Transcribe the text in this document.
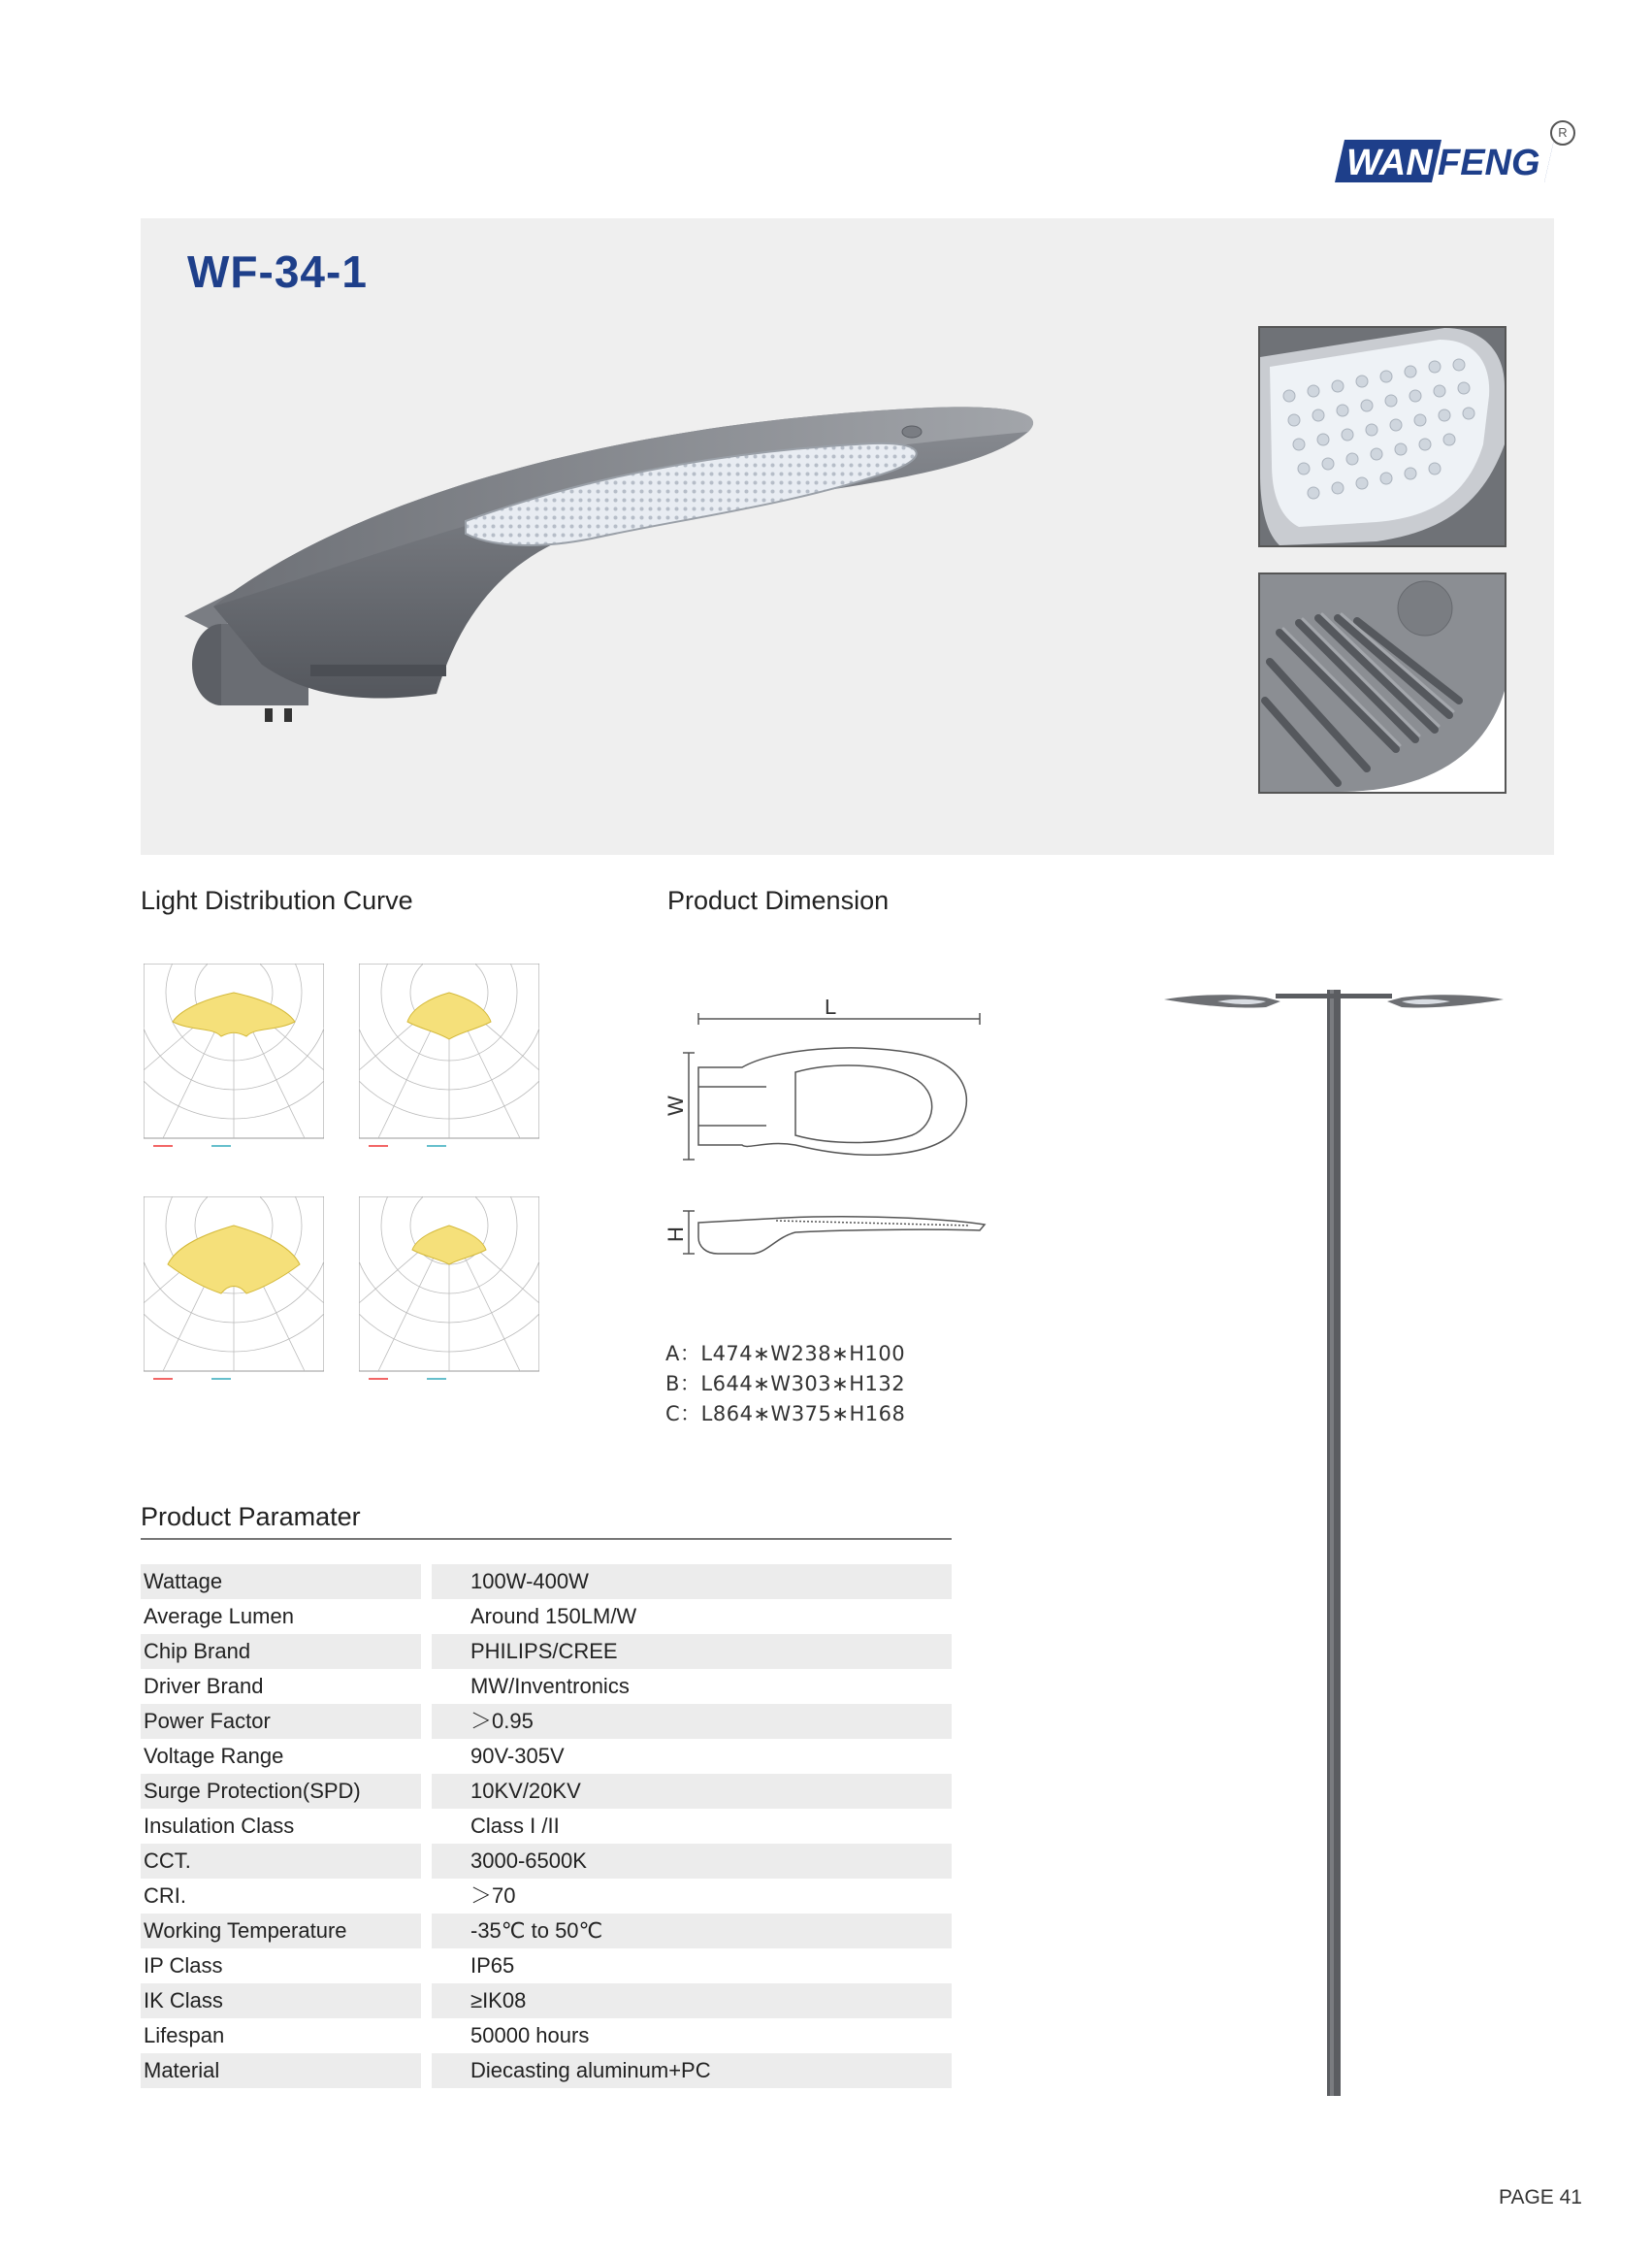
WAN FENG
R
WF-34-1
Light Distribution Curve	Product Dimension
L
W
H
A：L474∗W238∗H100
B：L644∗W303∗H132
C：L864∗W375∗H168
Product Paramater
Wattage	100W-400W
Average Lumen	Around 150LM/W
Chip Brand	PHILIPS/CREE
Driver Brand	MW/Inventronics
Power Factor	＞0.95
Voltage Range	90V-305V
Surge Protection(SPD)	10KV/20KV
Insulation Class	Class I /II
CCT.	3000-6500K
CRI.	＞70
Working Temperature	-35℃ to 50℃
IP Class	IP65
IK Class	≥IK08
Lifespan	50000 hours
Material	Diecasting aluminum+PC
PAGE 41
